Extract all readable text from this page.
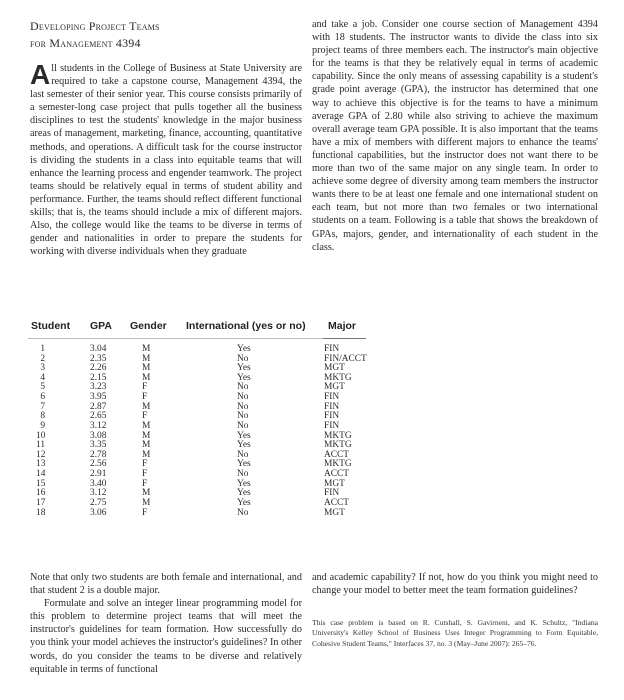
Developing Project Teams
for Management 4394

All students in the College of Business at State University are required to take a capstone course, Management 4394, the last semester of their senior year. This course consists primarily of a semester-long case project that pulls together all the business disciplines to test the students' knowledge in the major business areas of management, marketing, finance, accounting, quantitative methods, and operations. A difficult task for the course instructor is dividing the students in a class into equitable teams that will enhance the learning process and engender teamwork. The project teams should be relatively equal in terms of student ability and performance. Further, the teams should reflect different functional skills; that is, the teams should include a mix of different majors. Also, the college would like the teams to be diverse in terms of gender and nationalities in order to prepare the students for working with diverse individuals when they graduate

and take a job. Consider one course section of Management 4394 with 18 students. The instructor wants to divide the class into six project teams of three members each. The instructor's main objective for the teams is that they be relatively equal in terms of academic capability. Since the only means of assessing capability is a student's grade point average (GPA), the instructor has determined that one way to achieve this objective is for the teams to have a minimum average GPA of 2.80 while also striving to achieve the maximum overall average team GPA possible. It is also important that the teams have a mix of members with different majors to enhance the teams' functional capabilities, but the instructor does not want there to be more than two of the same major on any single team. In order to achieve some degree of diversity among team members the instructor wants there to be at least one female and one international student on each team, but not more than two females or two international students on a team. Following is a table that shows the breakdown of GPAs, majors, gender, and internationality of each student in the class.

Student GPA Gender International (yes or no) Major
1	3.04	M	Yes	FIN
2	2.35	M	No	FIN/ACCT
3	2.26	M	Yes	MGT
4	2.15	M	Yes	MKTG
5	3.23	F	No	MGT
6	3.95	F	No	FIN
7	2.87	M	No	FIN
8	2.65	F	No	FIN
9	3.12	M	No	FIN
10	3.08	M	Yes	MKTG
11	3.35	M	Yes	MKTG
12	2.78	M	No	ACCT
13	2.56	F	Yes	MKTG
14	2.91	F	No	ACCT
15	3.40	F	Yes	MGT
16	3.12	M	Yes	FIN
17	2.75	M	Yes	ACCT
18	3.06	F	No	MGT

Note that only two students are both female and international, and that student 2 is a double major.

Formulate and solve an integer linear programming model for this problem to determine project teams that will meet the instructor's guidelines for team formation. How successfully do you think your model achieves the instructor's guidelines? In other words, do you consider the teams to be diverse and relatively equitable in terms of functional

and academic capability? If not, how do you think you might need to change your model to better meet the team formation guidelines?

This case problem is based on R. Cutshall, S. Gavirneni, and K. Schultz, "Indiana University's Kelley School of Business Uses Integer Programming to Form Equitable, Cohesive Student Teams," Interfaces 37, no. 3 (May–June 2007): 265–76.
